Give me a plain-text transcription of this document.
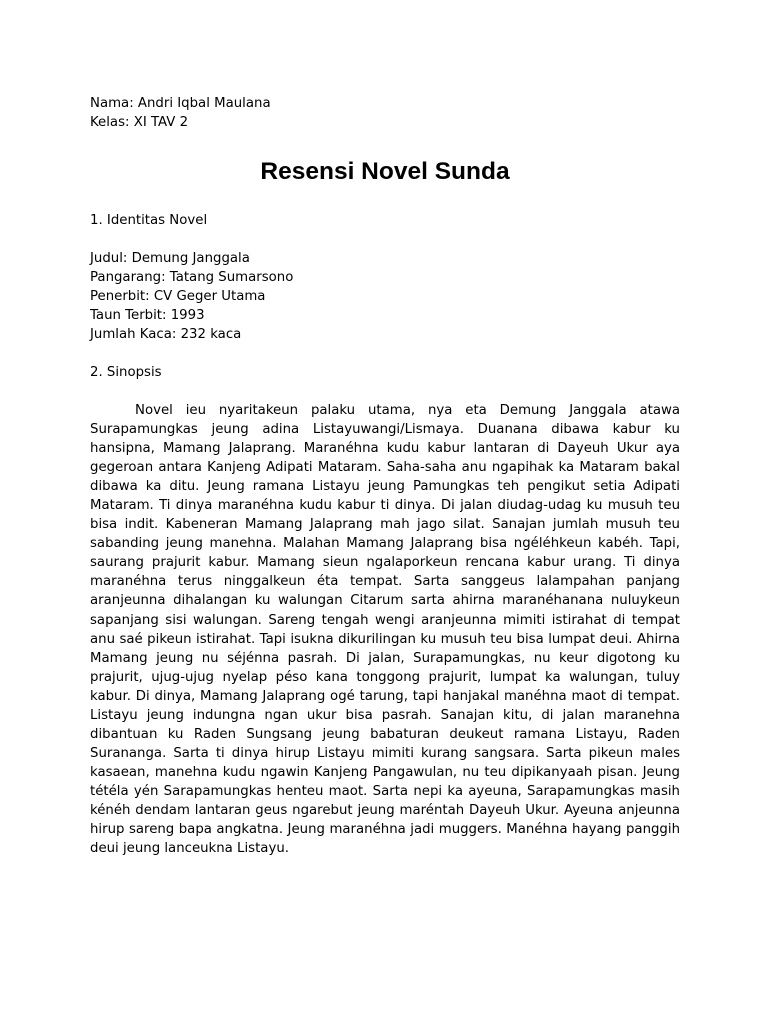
Nama: Andri Iqbal Maulana
Kelas: XI TAV 2
Resensi Novel Sunda
1. Identitas Novel
Judul: Demung Janggala
Pangarang: Tatang Sumarsono
Penerbit: CV Geger Utama
Taun Terbit: 1993
Jumlah Kaca: 232 kaca
2. Sinopsis
Novel ieu nyaritakeun palaku utama, nya eta Demung Janggala atawa
Surapamungkas jeung adina Listayuwangi/Lismaya. Duanana dibawa kabur ku
hansipna, Mamang Jalaprang. Maranéhna kudu kabur lantaran di Dayeuh Ukur aya
gegeroan antara Kanjeng Adipati Mataram. Saha-saha anu ngapihak ka Mataram bakal
dibawa ka ditu. Jeung ramana Listayu jeung Pamungkas teh pengikut setia Adipati
Mataram. Ti dinya maranéhna kudu kabur ti dinya. Di jalan diudag-udag ku musuh teu
bisa indit. Kabeneran Mamang Jalaprang mah jago silat. Sanajan jumlah musuh teu
sabanding jeung manehna. Malahan Mamang Jalaprang bisa ngéléhkeun kabéh. Tapi,
saurang prajurit kabur. Mamang sieun ngalaporkeun rencana kabur urang. Ti dinya
maranéhna terus ninggalkeun éta tempat. Sarta sanggeus lalampahan panjang
aranjeunna dihalangan ku walungan Citarum sarta ahirna maranéhanana nuluykeun
sapanjang sisi walungan. Sareng tengah wengi aranjeunna mimiti istirahat di tempat
anu saé pikeun istirahat. Tapi isukna dikurilingan ku musuh teu bisa lumpat deui. Ahirna
Mamang jeung nu séjénna pasrah. Di jalan, Surapamungkas, nu keur digotong ku
prajurit, ujug-ujug nyelap péso kana tonggong prajurit, lumpat ka walungan, tuluy
kabur. Di dinya, Mamang Jalaprang ogé tarung, tapi hanjakal manéhna maot di tempat.
Listayu jeung indungna ngan ukur bisa pasrah. Sanajan kitu, di jalan maranehna
dibantuan ku Raden Sungsang jeung babaturan deukeut ramana Listayu, Raden
Surananga. Sarta ti dinya hirup Listayu mimiti kurang sangsara. Sarta pikeun males
kasaean, manehna kudu ngawin Kanjeng Pangawulan, nu teu dipikanyaah pisan. Jeung
tétéla yén Sarapamungkas henteu maot. Sarta nepi ka ayeuna, Sarapamungkas masih
kénéh dendam lantaran geus ngarebut jeung maréntah Dayeuh Ukur. Ayeuna anjeunna
hirup sareng bapa angkatna. Jeung maranéhna jadi muggers. Manéhna hayang panggih
deui jeung lanceukna Listayu.
